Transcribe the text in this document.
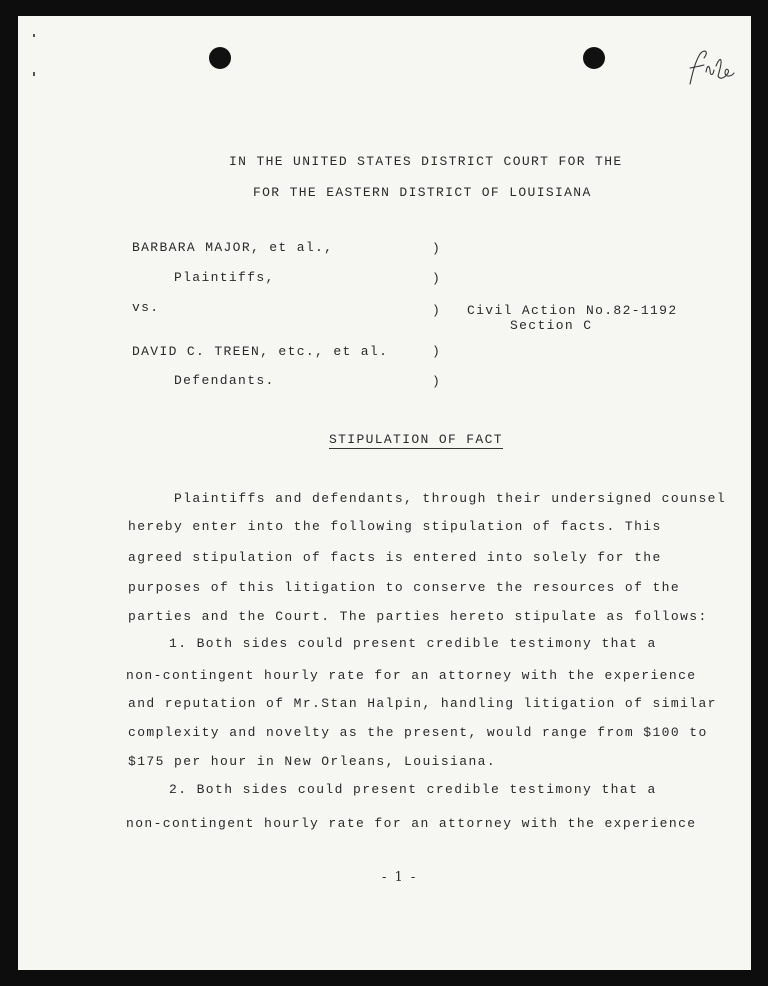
IN THE UNITED STATES DISTRICT COURT FOR THE
FOR THE EASTERN DISTRICT OF LOUISIANA
BARBARA MAJOR, et al.,
Plaintiffs,
vs.
DAVID C. TREEN, etc., et al.
Defendants.
)
)
)
)
)
Civil Action No.82-1192
Section C
STIPULATION OF FACT
Plaintiffs and defendants, through their undersigned counsel
hereby enter into the following stipulation of facts. This
agreed stipulation of facts is entered into solely for the
purposes of this litigation to conserve the resources of the
parties and the Court. The parties hereto stipulate as follows:
1. Both sides could present credible testimony that a
non-contingent hourly rate for an attorney with the experience
and reputation of Mr.Stan Halpin, handling litigation of similar
complexity and novelty as the present, would range from $100 to
$175 per hour in New Orleans, Louisiana.
2. Both sides could present credible testimony that a
non-contingent hourly rate for an attorney with the experience
- 1 -
